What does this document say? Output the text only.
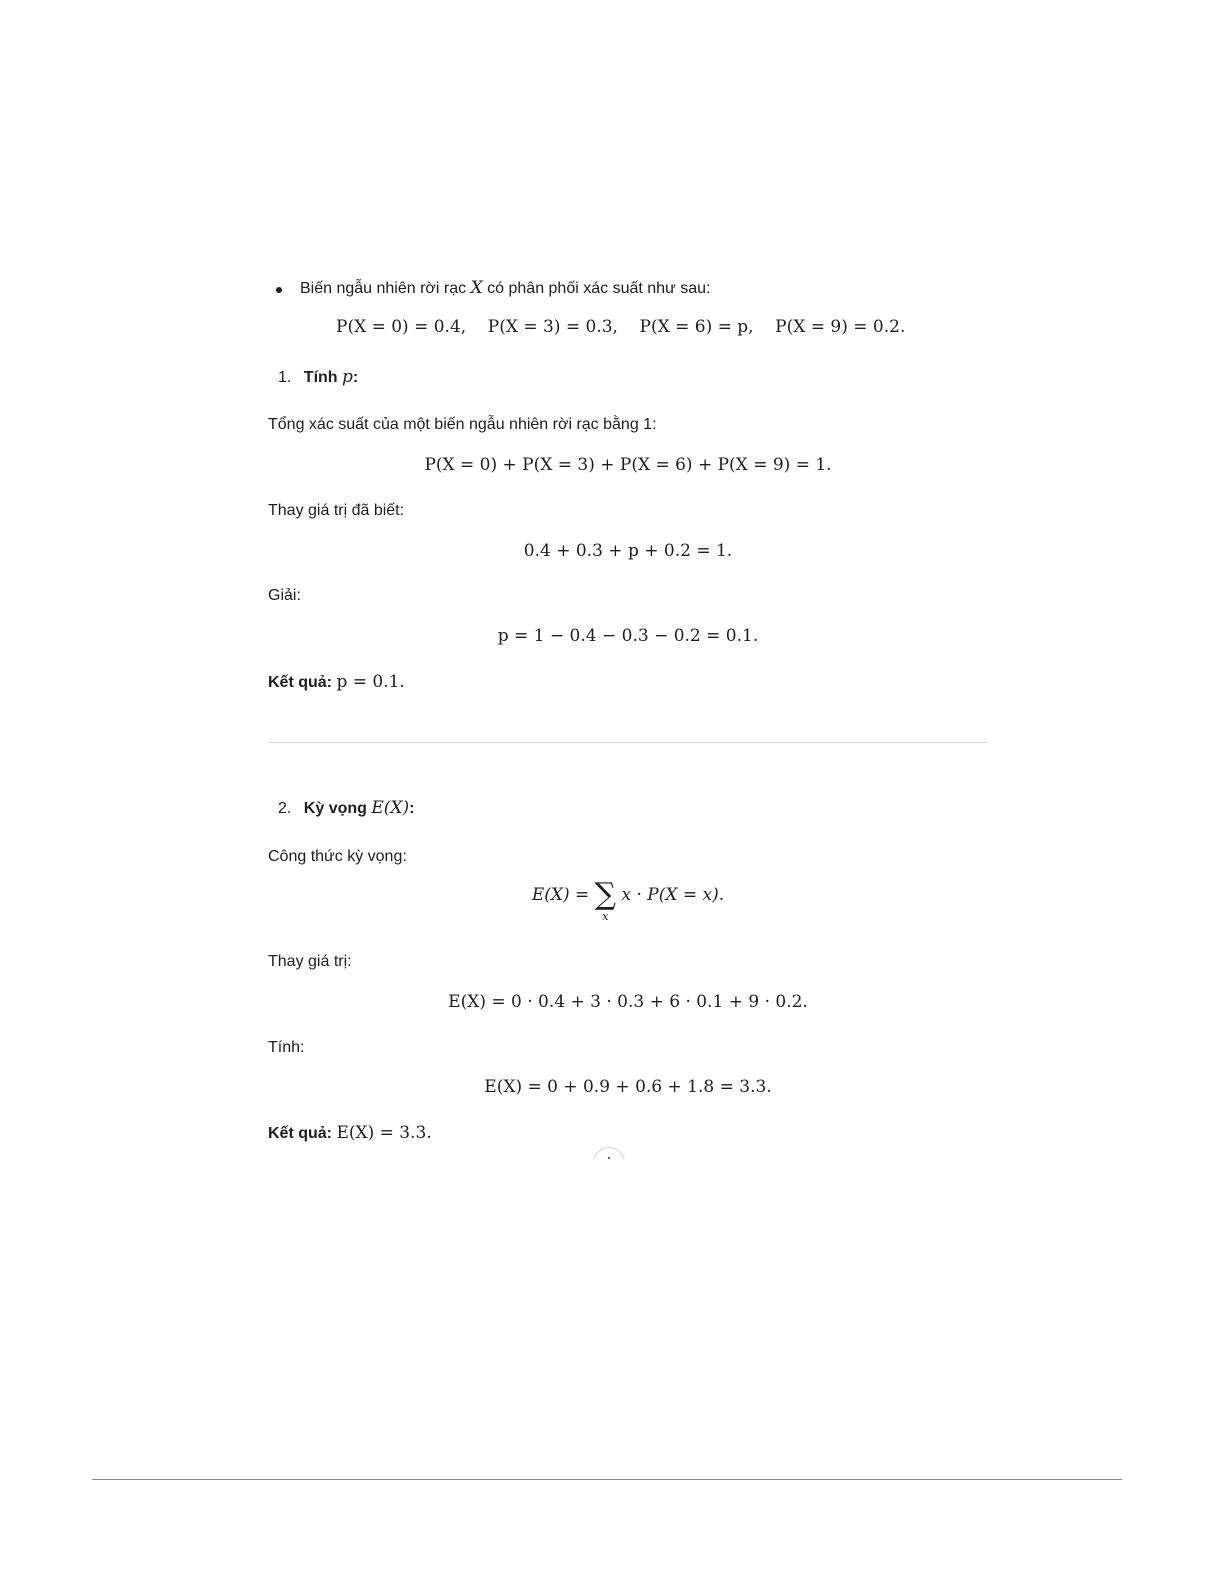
Biến ngẫu nhiên rời rạc X có phân phối xác suất như sau:
P(X = 0) = 0.4,    P(X = 3) = 0.3,    P(X = 6) = p,    P(X = 9) = 0.2.
1. Tính p:
Tổng xác suất của một biến ngẫu nhiên rời rạc bằng 1:
P(X = 0) + P(X = 3) + P(X = 6) + P(X = 9) = 1.
Thay giá trị đã biết:
0.4 + 0.3 + p + 0.2 = 1.
Giải:
p = 1 − 0.4 − 0.3 − 0.2 = 0.1.
Kết quả: p = 0.1.
2. Kỳ vọng E(X):
Công thức kỳ vọng:
E(X) = ∑
x
x · P(X = x).
Thay giá trị:
E(X) = 0 · 0.4 + 3 · 0.3 + 6 · 0.1 + 9 · 0.2.
Tính:
E(X) = 0 + 0.9 + 0.6 + 1.8 = 3.3.
Kết quả: E(X) = 3.3.
